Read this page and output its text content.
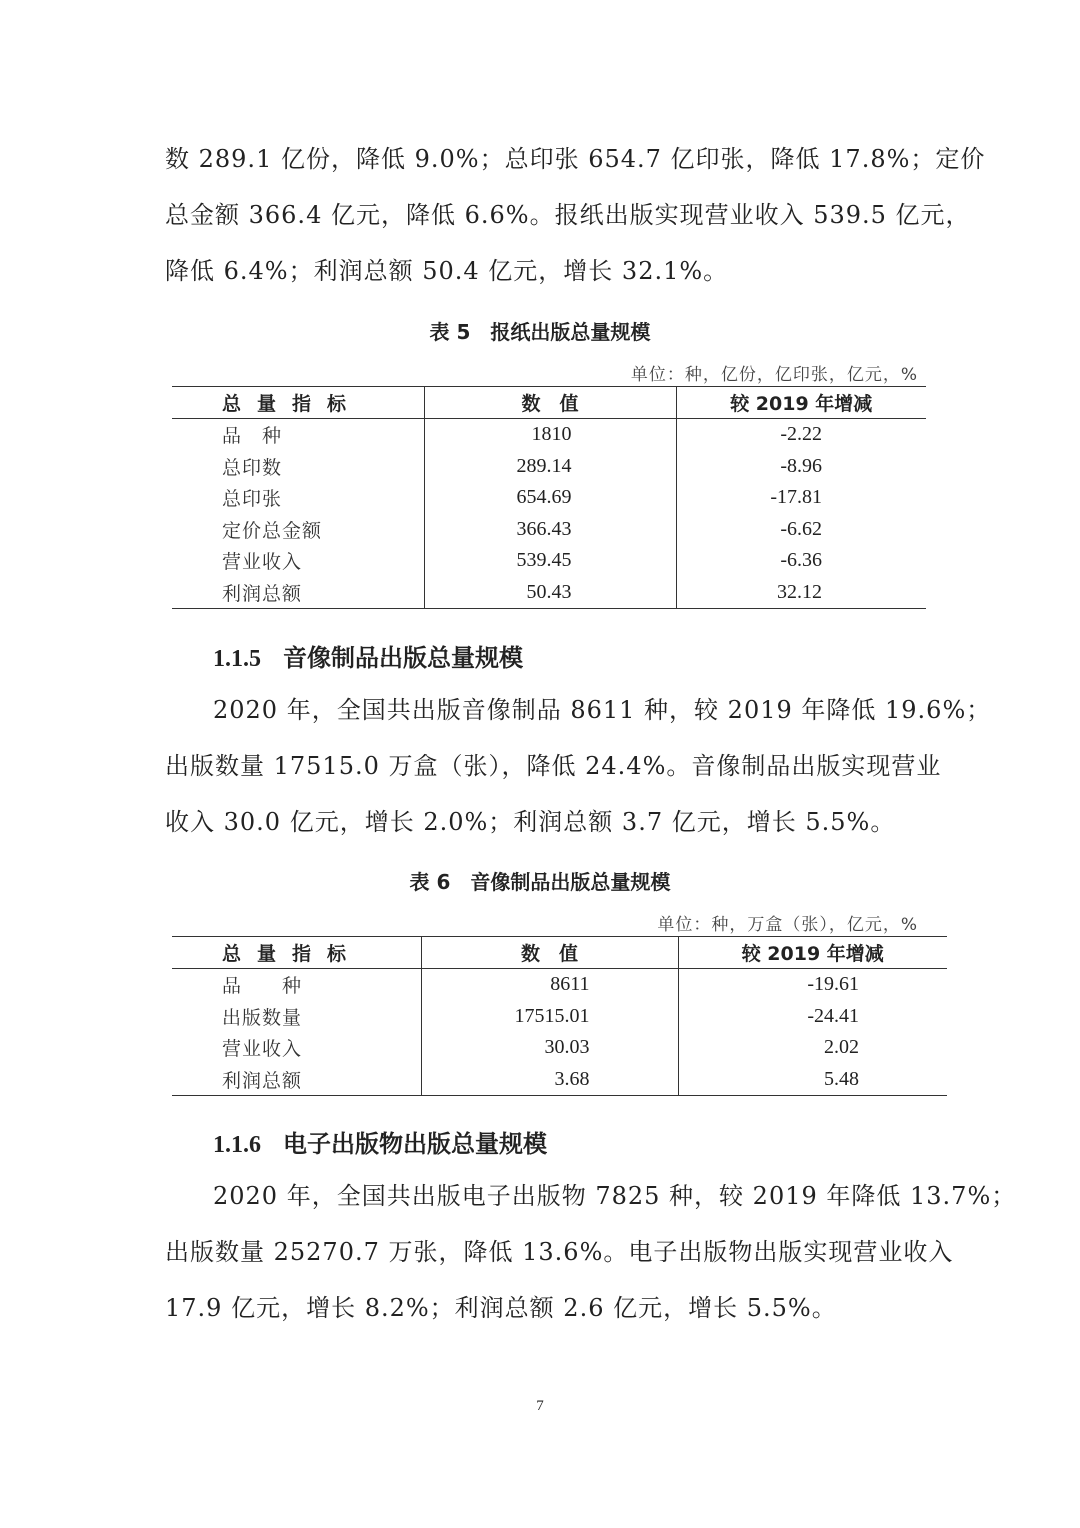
数 289.1 亿份，降低 9.0%；总印张 654.7 亿印张，降低 17.8%；定价
总金额 366.4 亿元，降低 6.6%。报纸出版实现营业收入 539.5 亿元，
降低 6.4%；利润总额 50.4 亿元，增长 32.1%。
表 5　报纸出版总量规模
单位：种，亿份，亿印张，亿元，%
总量指标	数　值	较 2019 年增减
品　种	1810	-2.22
总印数	289.14	-8.96
总印张	654.69	-17.81
定价总金额	366.43	-6.62
营业收入	539.45	-6.36
利润总额	50.43	32.12
1.1.5 音像制品出版总量规模
2020 年，全国共出版音像制品 8611 种，较 2019 年降低 19.6%；
出版数量 17515.0 万盒（张），降低 24.4%。音像制品出版实现营业
收入 30.0 亿元，增长 2.0%；利润总额 3.7 亿元，增长 5.5%。
表 6　音像制品出版总量规模
单位：种，万盒（张），亿元，%
总量指标	数　值	较 2019 年增减
品　　种	8611	-19.61
出版数量	17515.01	-24.41
营业收入	30.03	2.02
利润总额	3.68	5.48
1.1.6 电子出版物出版总量规模
2020 年，全国共出版电子出版物 7825 种，较 2019 年降低 13.7%；
出版数量 25270.7 万张，降低 13.6%。电子出版物出版实现营业收入
17.9 亿元，增长 8.2%；利润总额 2.6 亿元，增长 5.5%。
7
